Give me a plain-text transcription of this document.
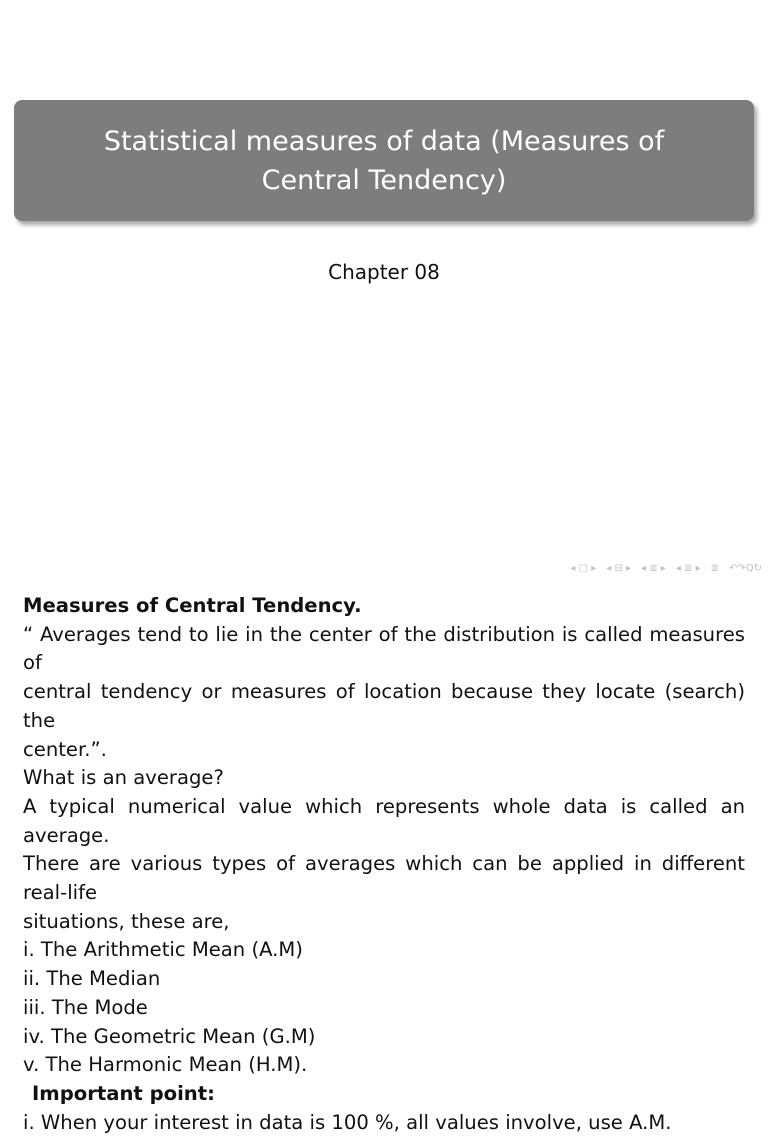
Statistical measures of data (Measures of Central Tendency)
Chapter 08
◂ □ ▸ ◂ ⊟ ▸ ◂ ≣ ▸ ◂ ≣ ▸ ≣ ↶↷Q↻
Measures of Central Tendency.
“ Averages tend to lie in the center of the distribution is called measures of
central tendency or measures of location because they locate (search) the
center.”.
What is an average?
A typical numerical value which represents whole data is called an average.
There are various types of averages which can be applied in different real-life
situations, these are,
i. The Arithmetic Mean (A.M)
ii. The Median
iii. The Mode
iv. The Geometric Mean (G.M)
v. The Harmonic Mean (H.M).
Important point:
i. When your interest in data is 100 %, all values involve, use A.M.
